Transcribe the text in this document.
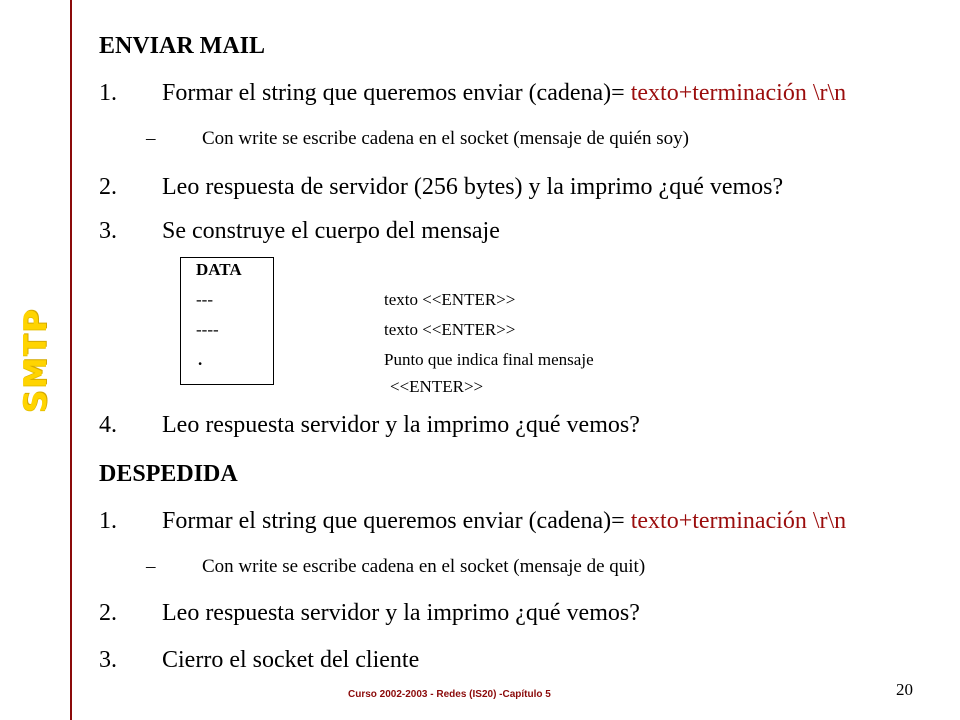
SMTP
ENVIAR MAIL
1. Formar el string que queremos enviar (cadena)= texto+terminación \r\n
– Con write se escribe cadena en el socket (mensaje de quién soy)
2. Leo respuesta de servidor (256 bytes) y la imprimo ¿qué vemos?
3. Se construye el cuerpo del mensaje
DATA
---	texto <<ENTER>>
----	texto <<ENTER>>
.	Punto que indica final mensaje
<<ENTER>>
4. Leo respuesta servidor y la imprimo ¿qué vemos?
DESPEDIDA
1. Formar el string que queremos enviar (cadena)= texto+terminación \r\n
– Con write se escribe cadena en el socket (mensaje de quit)
2. Leo respuesta servidor y la imprimo ¿qué vemos?
3. Cierro el socket del cliente
Curso 2002-2003 - Redes (IS20) -Capítulo 5	20
